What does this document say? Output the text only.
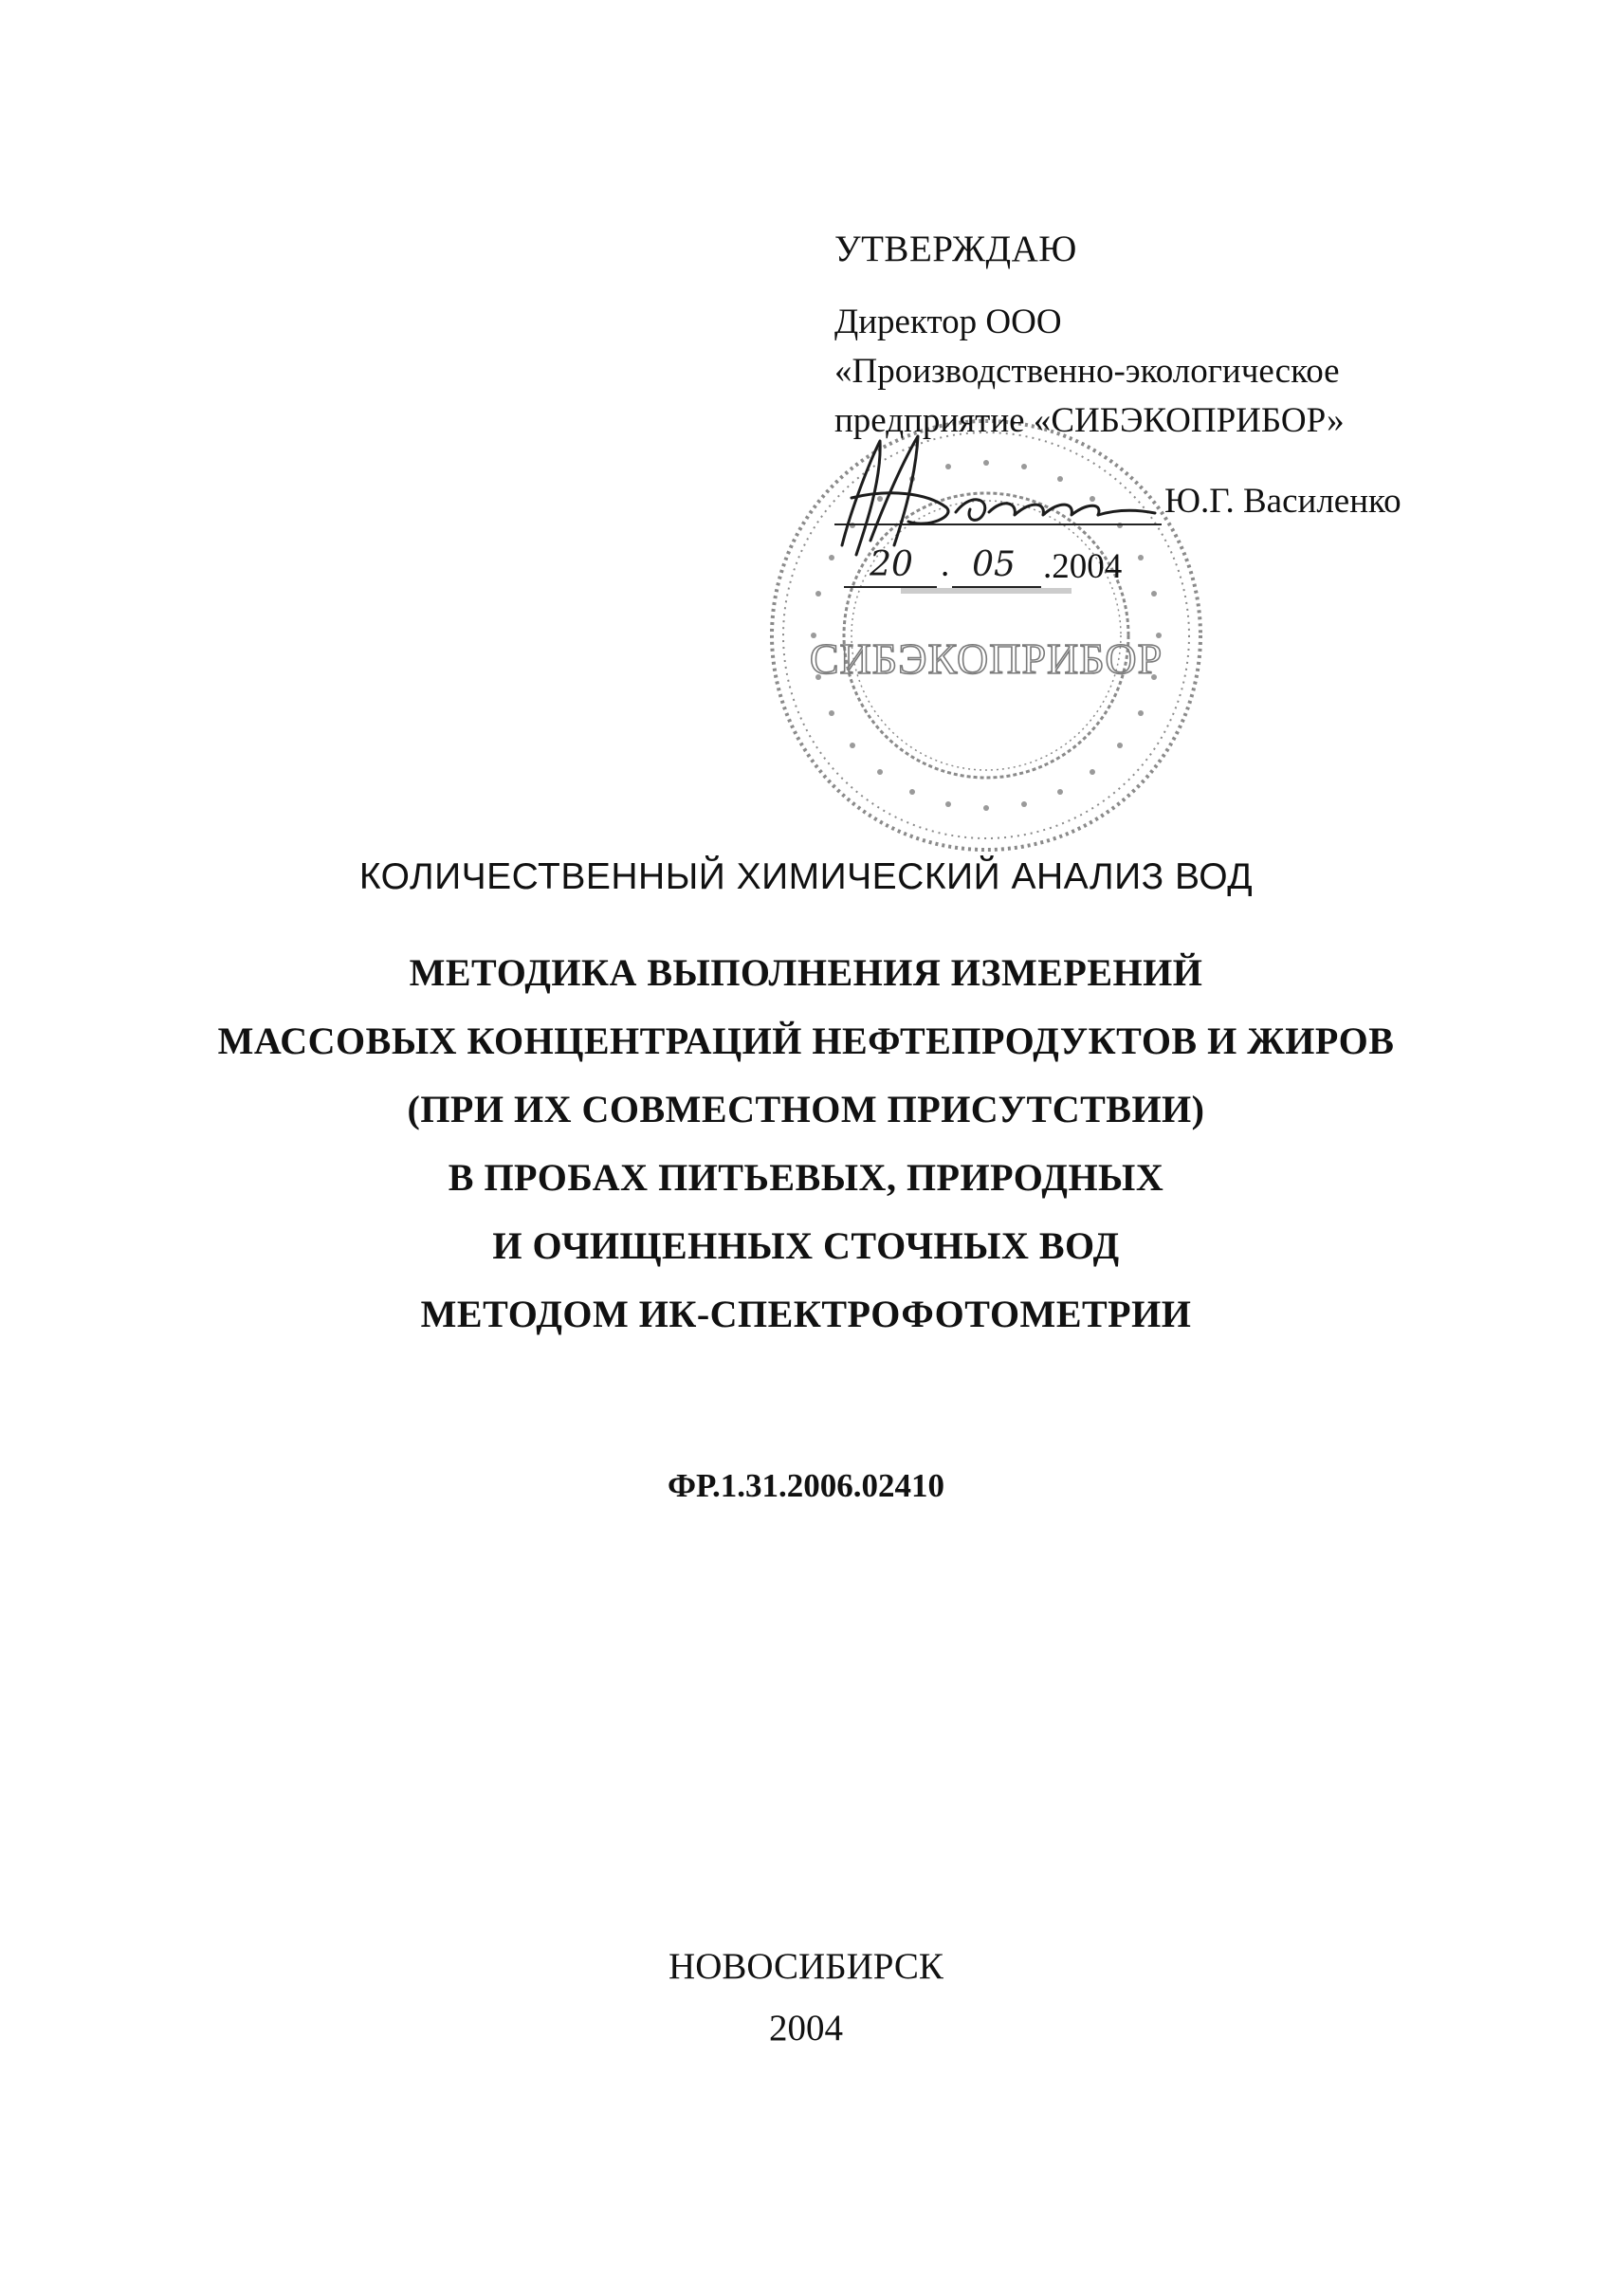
СИБЭКОПРИБОР
УТВЕРЖДАЮ
Директор ООО
«Производственно-экологическое
предприятие «СИБЭКОПРИБОР»
Ю.Г. Василенко
20 . 05 .2004
КОЛИЧЕСТВЕННЫЙ ХИМИЧЕСКИЙ АНАЛИЗ ВОД
МЕТОДИКА ВЫПОЛНЕНИЯ ИЗМЕРЕНИЙ
МАССОВЫХ КОНЦЕНТРАЦИЙ НЕФТЕПРОДУКТОВ И ЖИРОВ
(ПРИ ИХ СОВМЕСТНОМ ПРИСУТСТВИИ)
В ПРОБАХ ПИТЬЕВЫХ, ПРИРОДНЫХ
И ОЧИЩЕННЫХ СТОЧНЫХ ВОД
МЕТОДОМ ИК-СПЕКТРОФОТОМЕТРИИ
ФР.1.31.2006.02410
НОВОСИБИРСК
2004
